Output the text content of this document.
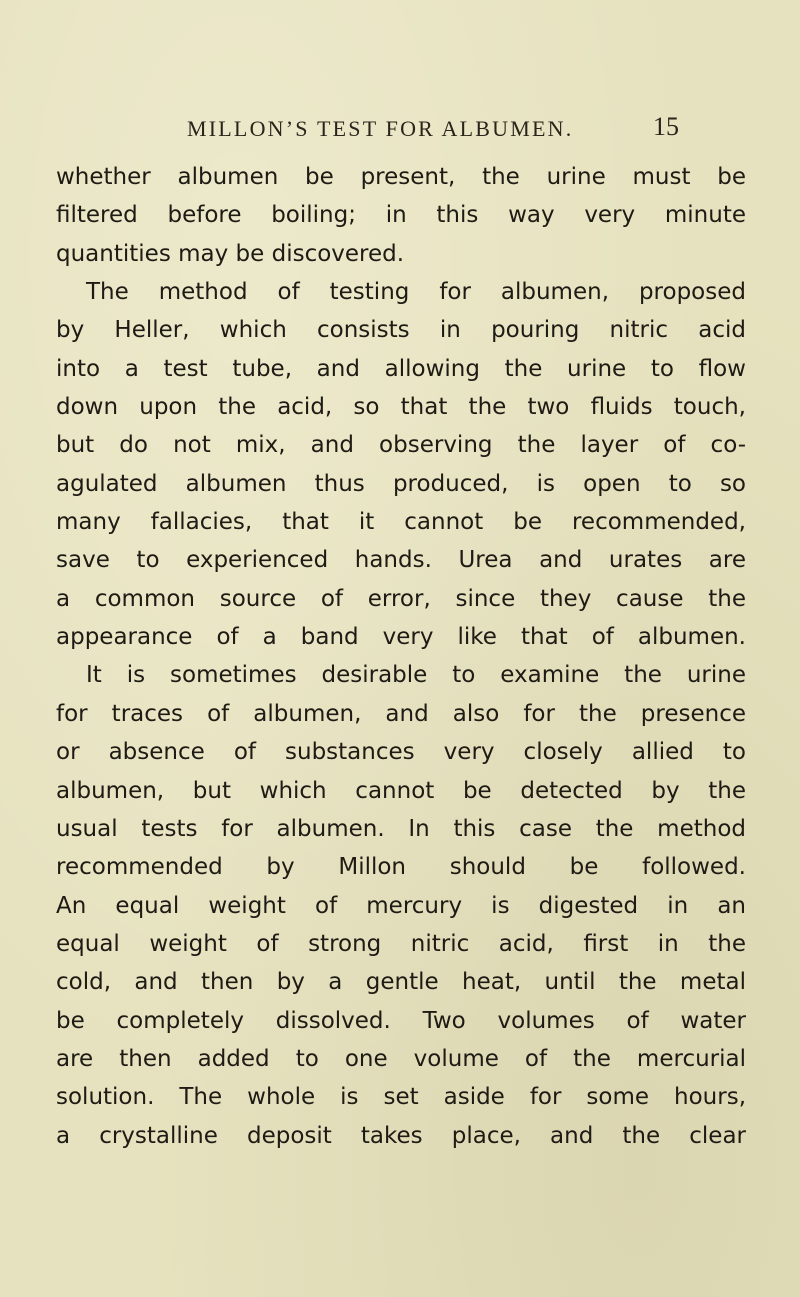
MILLON’S TEST FOR ALBUMEN.	15
whether albumen be present, the urine must be
filtered before boiling; in this way very minute
quantities may be discovered.
The method of testing for albumen, proposed
by Heller, which consists in pouring nitric acid
into a test tube, and allowing the urine to flow
down upon the acid, so that the two fluids touch,
but do not mix, and observing the layer of co-
agulated albumen thus produced, is open to so
many fallacies, that it cannot be recommended,
save to experienced hands. Urea and urates are
a common source of error, since they cause the
appearance of a band very like that of albumen.
It is sometimes desirable to examine the urine
for traces of albumen, and also for the presence
or absence of substances very closely allied to
albumen, but which cannot be detected by the
usual tests for albumen. In this case the method
recommended by Millon should be followed.
An equal weight of mercury is digested in an
equal weight of strong nitric acid, first in the
cold, and then by a gentle heat, until the metal
be completely dissolved. Two volumes of water
are then added to one volume of the mercurial
solution. The whole is set aside for some hours,
a crystalline deposit takes place, and the clear
